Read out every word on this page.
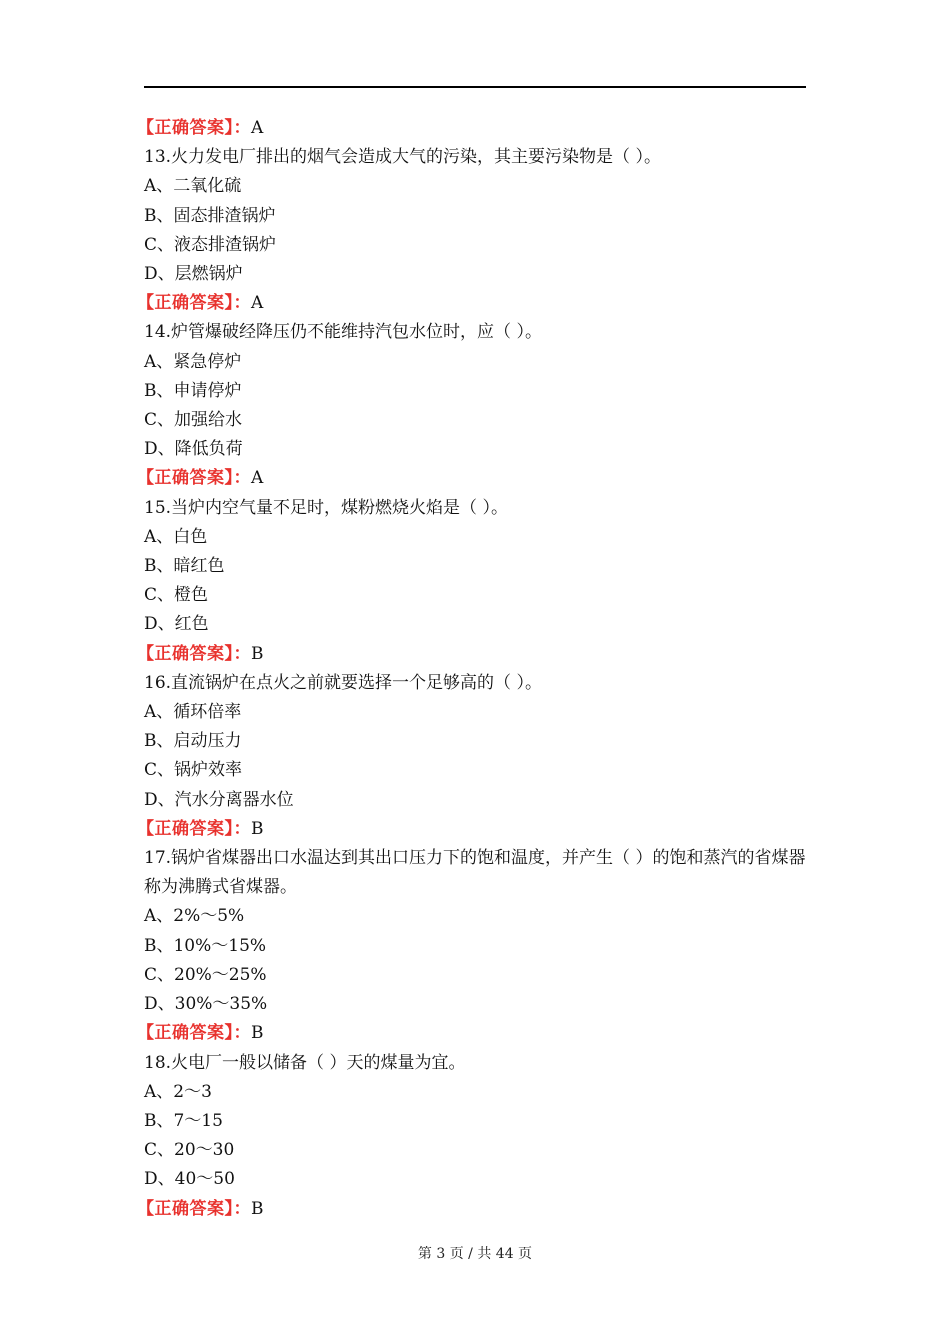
【正确答案】：A
13.火力发电厂排出的烟气会造成大气的污染，其主要污染物是（ ）。
A、二氧化硫
B、固态排渣锅炉
C、液态排渣锅炉
D、层燃锅炉
【正确答案】：A
14.炉管爆破经降压仍不能维持汽包水位时，应（ ）。
A、紧急停炉
B、申请停炉
C、加强给水
D、降低负荷
【正确答案】：A
15.当炉内空气量不足时，煤粉燃烧火焰是（ ）。
A、白色
B、暗红色
C、橙色
D、红色
【正确答案】：B
16.直流锅炉在点火之前就要选择一个足够高的（ ）。
A、循环倍率
B、启动压力
C、锅炉效率
D、汽水分离器水位
【正确答案】：B
17.锅炉省煤器出口水温达到其出口压力下的饱和温度，并产生（ ）的饱和蒸汽的省煤器称为沸腾式省煤器。
A、2%～5%
B、10%～15%
C、20%～25%
D、30%～35%
【正确答案】：B
18.火电厂一般以储备（ ）天的煤量为宜。
A、2～3
B、7～15
C、20～30
D、40～50
【正确答案】：B
第 3 页 / 共 44 页
